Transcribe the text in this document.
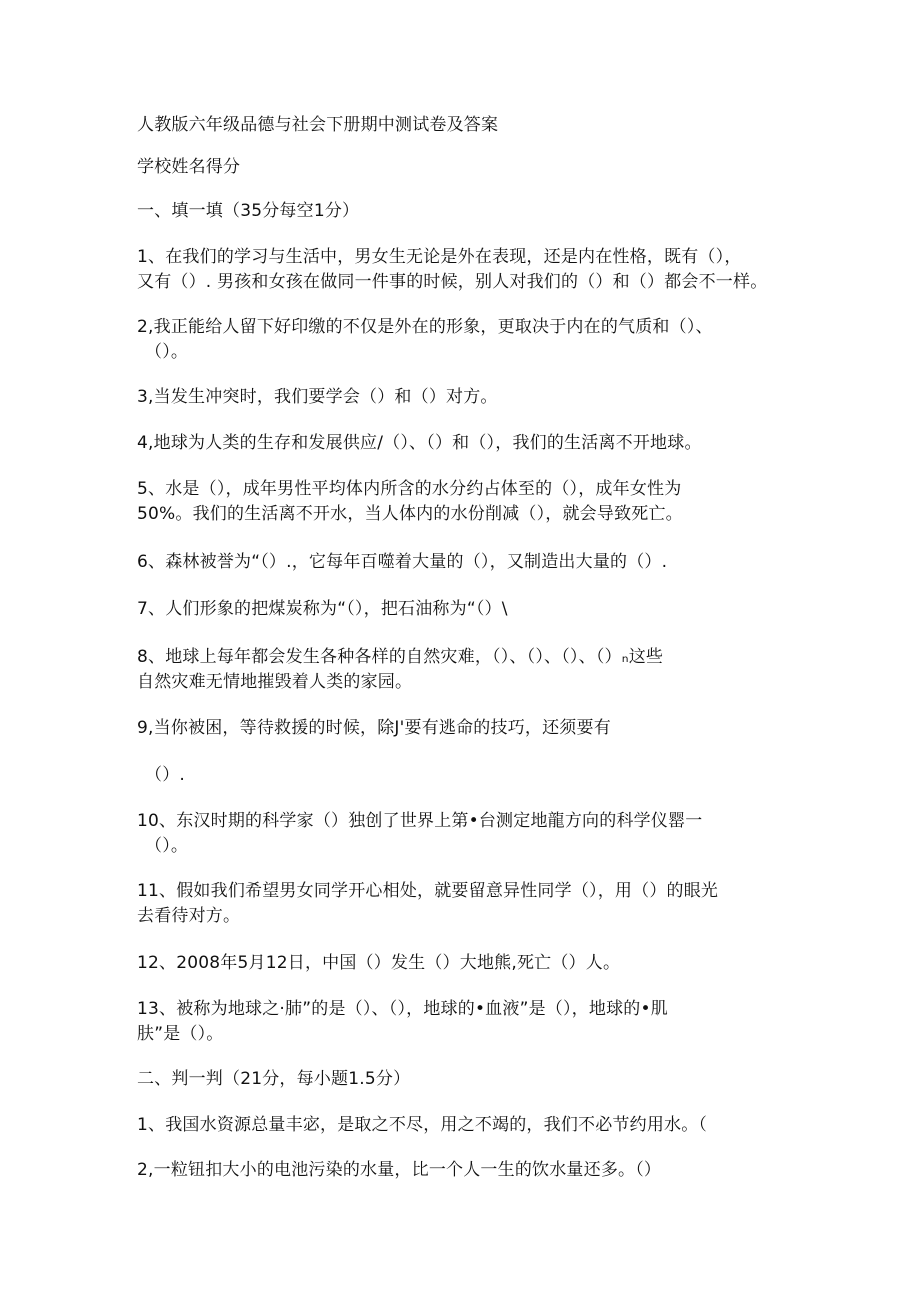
人教版六年级品德与社会下册期中测试卷及答案
学校姓名得分
一、填一填（35分每空1分）
1、在我们的学习与生活中，男女生无论是外在表现，还是内在性格，既有（），
又有（）. 男孩和女孩在做同一件事的时候，别人对我们的（）和（）都会不一样。
2,我正能给人留下好印缴的不仅是外在的形象，更取决于内在的气质和（）、
（）。
3,当发生冲突时，我们要学会（）和（）对方。
4,地球为人类的生存和发展供应/（）、（）和（），我们的生活离不开地球。
5、水是（），成年男性平均体内所含的水分约占体至的（），成年女性为
50%。我们的生活离不开水，当人体内的水份削减（），就会导致死亡。
6、森林被誉为“（）.，它每年百噬着大量的（），又制造出大量的（）.
7、人们形象的把煤炭称为“（），把石油称为“（）\
8、地球上每年都会发生各种各样的自然灾难，（）、（）、（）、（）ₙ这些
自然灾难无情地摧毁着人类的家园。
9,当你被困，等待救援的时候，除J'要有逃命的技巧，还须要有
（）.
10、东汉时期的科学家（）独创了世界上第•台测定地龍方向的科学仪罂一
（）。
11、假如我们希望男女同学开心相处，就要留意异性同学（），用（）的眼光
去看待对方。
12、2008年5月12日，中国（）发生（）大地熊,死亡（）人。
13、被称为地球之·肺”的是（）、（），地球的•血液”是（），地球的•肌
肤”是（）。
二、判一判（21分，每小题1.5分）
1、我国水资源总量丰宓，是取之不尽，用之不竭的，我们不必节约用水。（
2,一粒钮扣大小的电池污染的水量，比一个人一生的饮水量还多。（）
